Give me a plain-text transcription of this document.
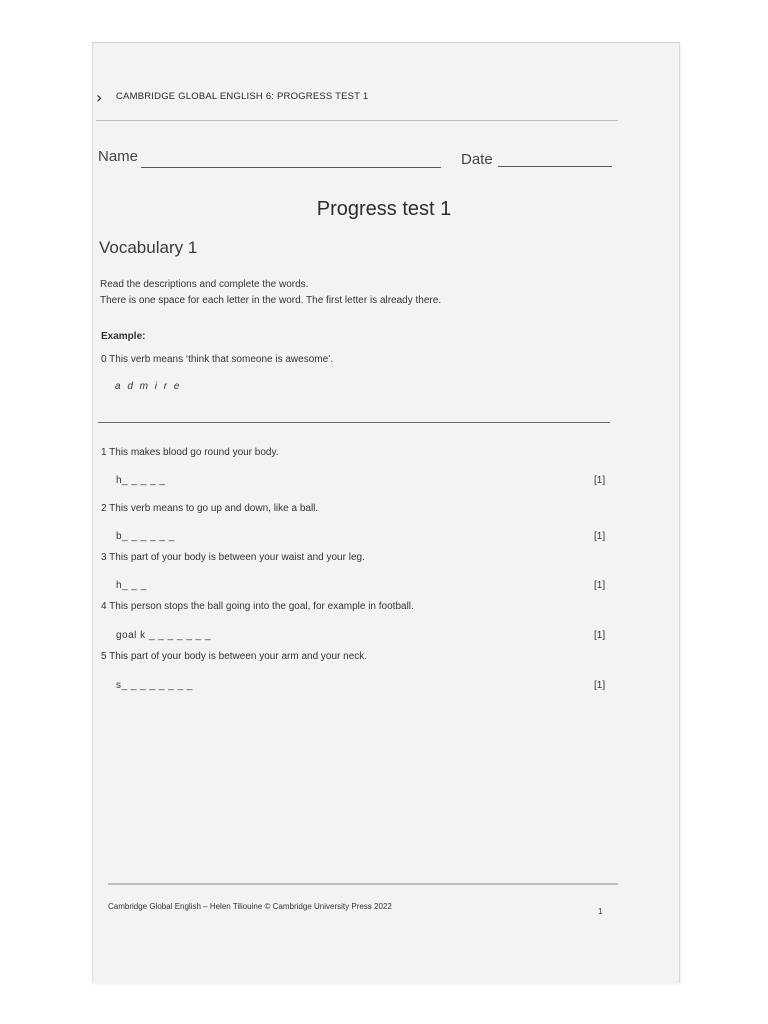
› CAMBRIDGE GLOBAL ENGLISH 6: PROGRESS TEST 1
Name	Date
Progress test 1
Vocabulary 1
Read the descriptions and complete the words.
There is one space for each letter in the word. The first letter is already there.
Example:
0 This verb means ‘think that someone is awesome’.
a d m i r e
1 This makes blood go round your body.
h_ _ _ _ _	[1]
2 This verb means to go up and down, like a ball.
b_ _ _ _ _ _	[1]
3 This part of your body is between your waist and your leg.
h_ _ _	[1]
4 This person stops the ball going into the goal, for example in football.
goal k _ _ _ _ _ _ _	[1]
5 This part of your body is between your arm and your neck.
s_ _ _ _ _ _ _ _	[1]
Cambridge Global English – Helen Tiliouine © Cambridge University Press 2022
1
